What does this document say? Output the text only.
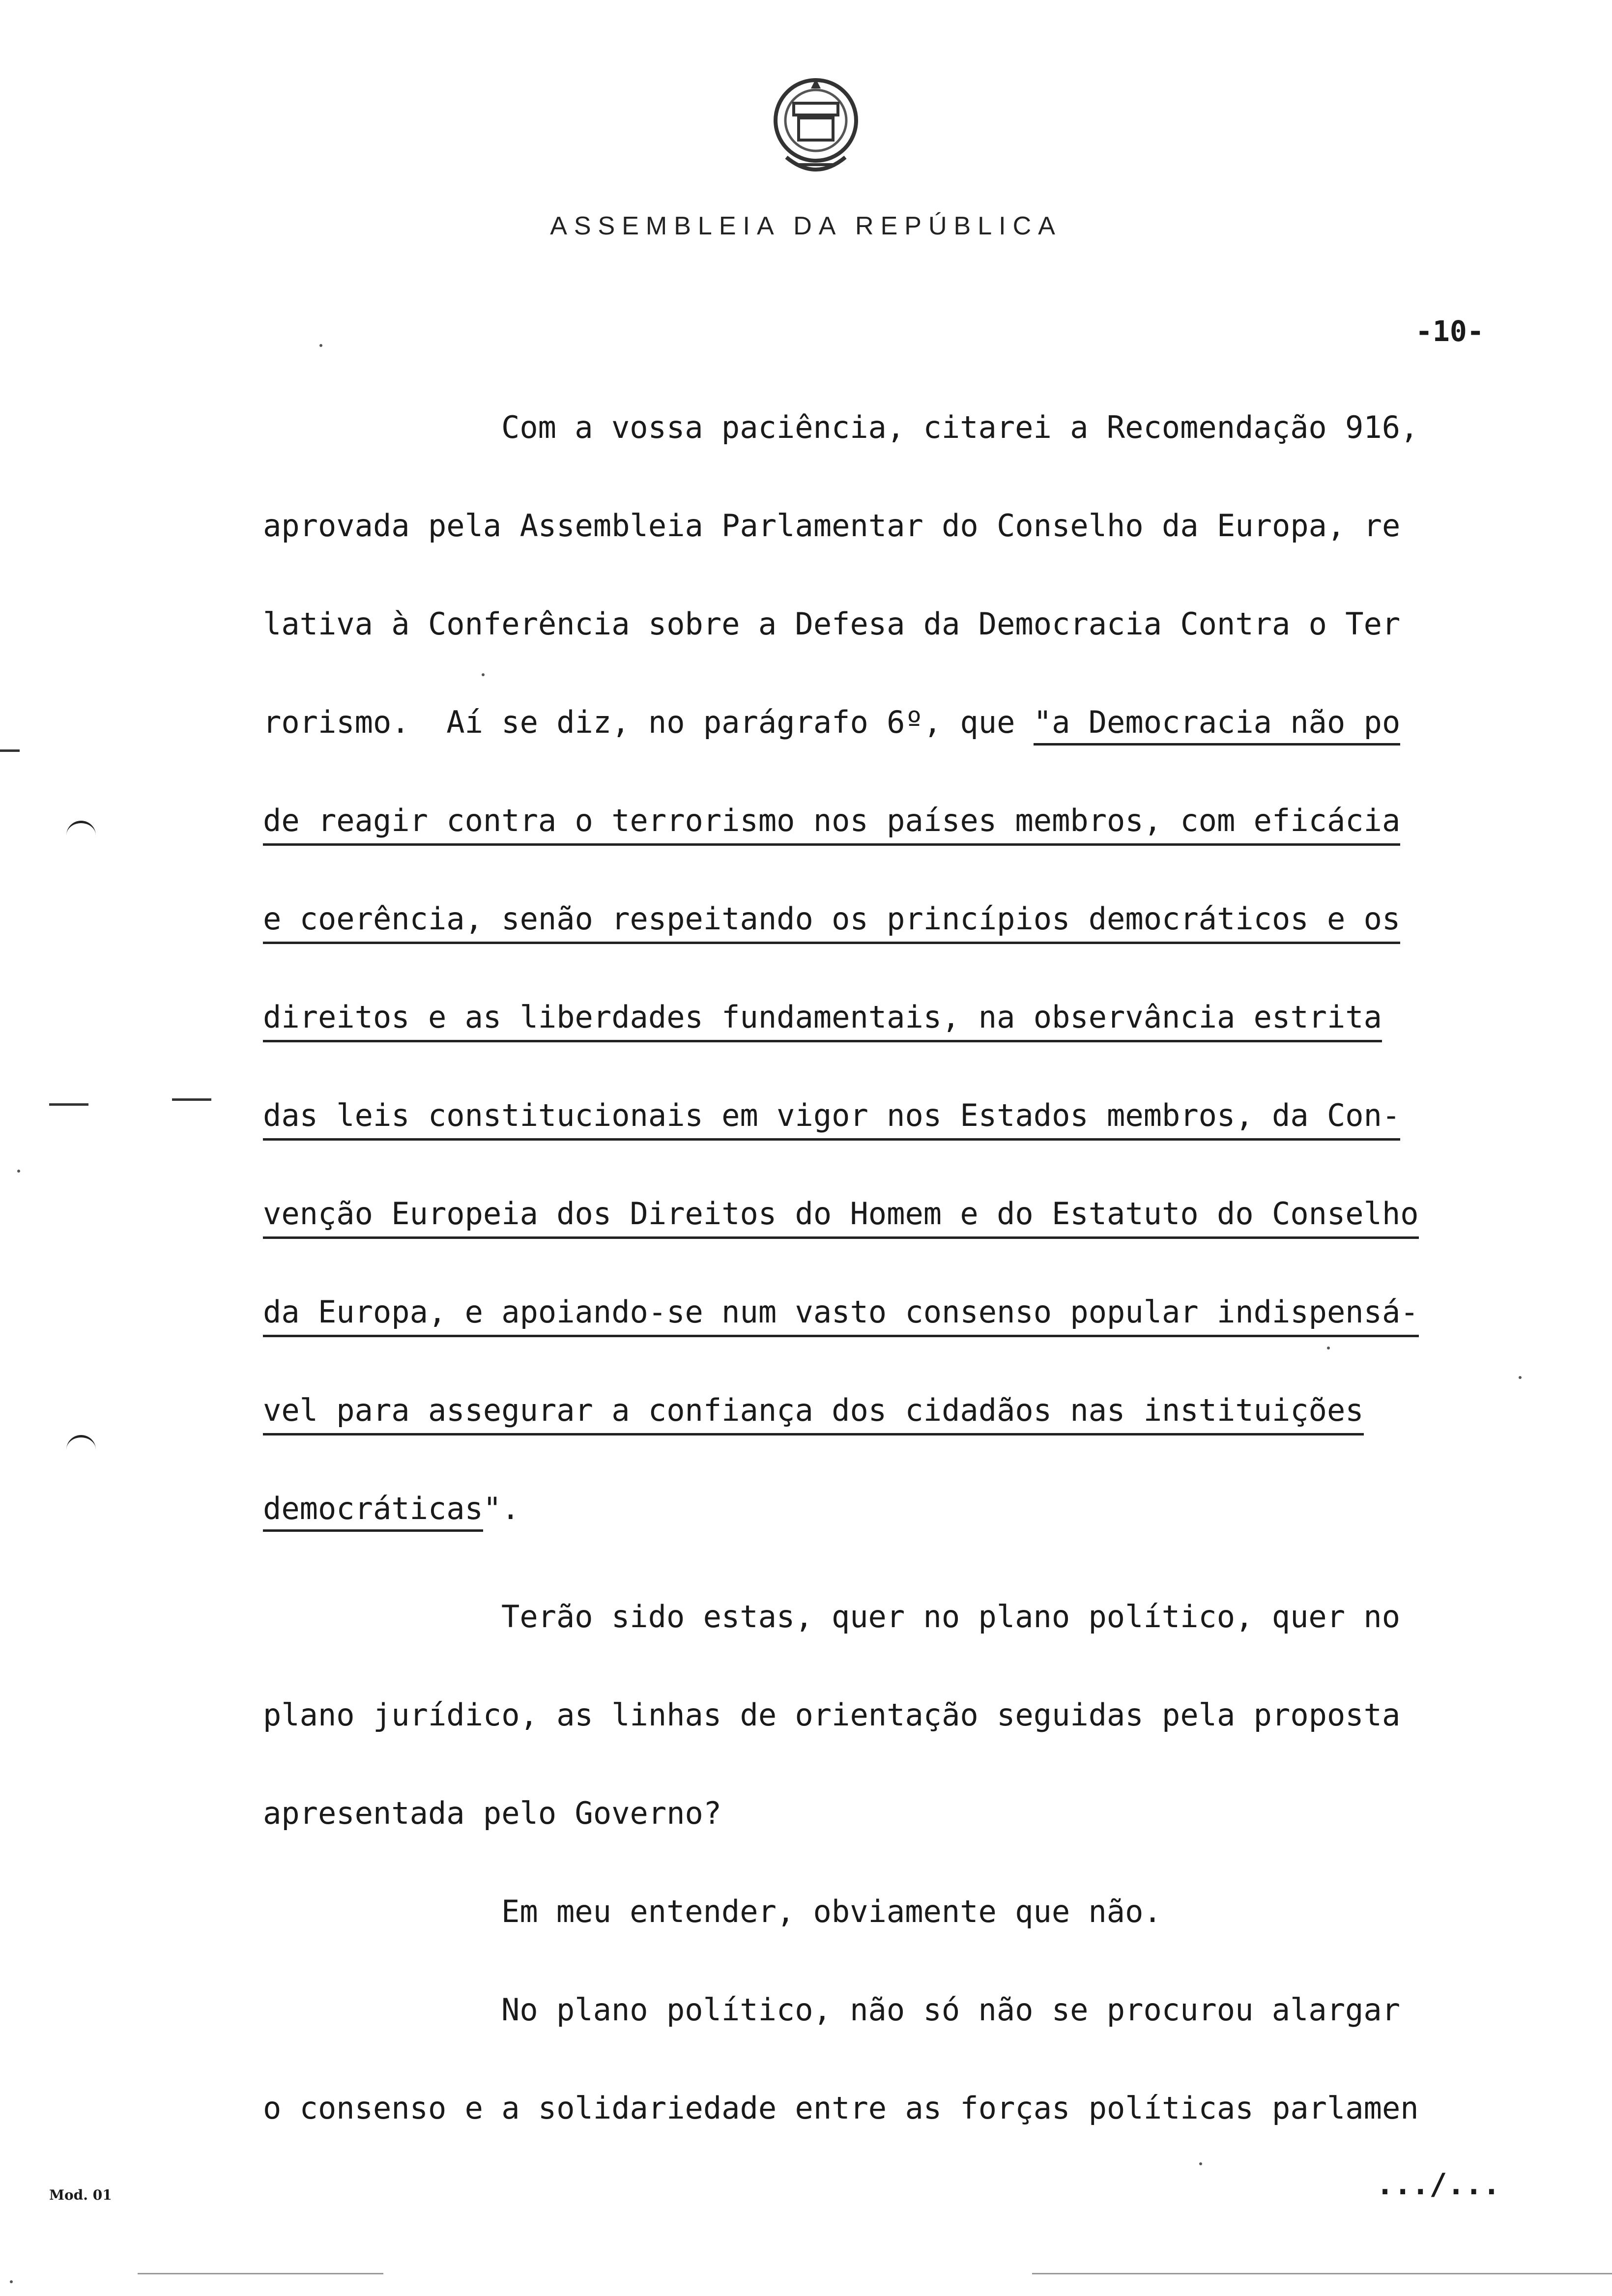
ASSEMBLEIA DA REPÚBLICA
-10-
Com a vossa paciência, citarei a Recomendação 916,
aprovada pela Assembleia Parlamentar do Conselho da Europa, re
lativa à Conferência sobre a Defesa da Democracia Contra o Ter
rorismo.  Aí se diz, no parágrafo 6º, que "a Democracia não po
de reagir contra o terrorismo nos países membros, com eficácia
e coerência, senão respeitando os princípios democráticos e os
direitos e as liberdades fundamentais, na observância estrita
das leis constitucionais em vigor nos Estados membros, da Con-
venção Europeia dos Direitos do Homem e do Estatuto do Conselho
da Europa, e apoiando-se num vasto consenso popular indispensá-
vel para assegurar a confiança dos cidadãos nas instituições
democráticas".
Terão sido estas, quer no plano político, quer no
plano jurídico, as linhas de orientação seguidas pela proposta
apresentada pelo Governo?
Em meu entender, obviamente que não.
No plano político, não só não se procurou alargar
o consenso e a solidariedade entre as forças políticas parlamen
.../...
Mod. 01
